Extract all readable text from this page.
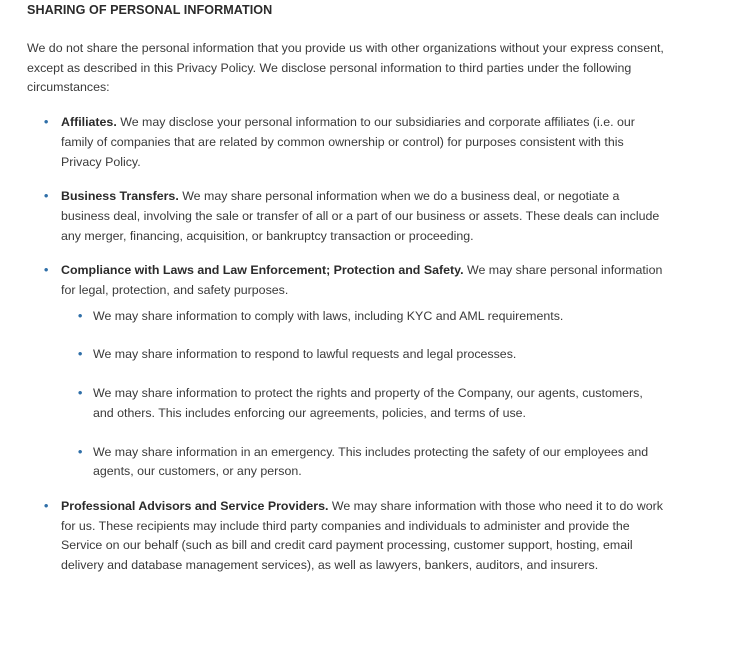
SHARING OF PERSONAL INFORMATION

We do not share the personal information that you provide us with other organizations without your express consent, except as described in this Privacy Policy. We disclose personal information to third parties under the following circumstances:

•	Affiliates. We may disclose your personal information to our subsidiaries and corporate affiliates (i.e. our family of companies that are related by common ownership or control) for purposes consistent with this Privacy Policy.
•	Business Transfers. We may share personal information when we do a business deal, or negotiate a business deal, involving the sale or transfer of all or a part of our business or assets. These deals can include any merger, financing, acquisition, or bankruptcy transaction or proceeding.
•	Compliance with Laws and Law Enforcement; Protection and Safety. We may share personal information for legal, protection, and safety purposes.
• We may share information to comply with laws, including KYC and AML requirements.
• We may share information to respond to lawful requests and legal processes.
• We may share information to protect the rights and property of the Company, our agents, customers, and others. This includes enforcing our agreements, policies, and terms of use.
• We may share information in an emergency. This includes protecting the safety of our employees and agents, our customers, or any person.
•	Professional Advisors and Service Providers. We may share information with those who need it to do work for us. These recipients may include third party companies and individuals to administer and provide the Service on our behalf (such as bill and credit card payment processing, customer support, hosting, email delivery and database management services), as well as lawyers, bankers, auditors, and insurers.
